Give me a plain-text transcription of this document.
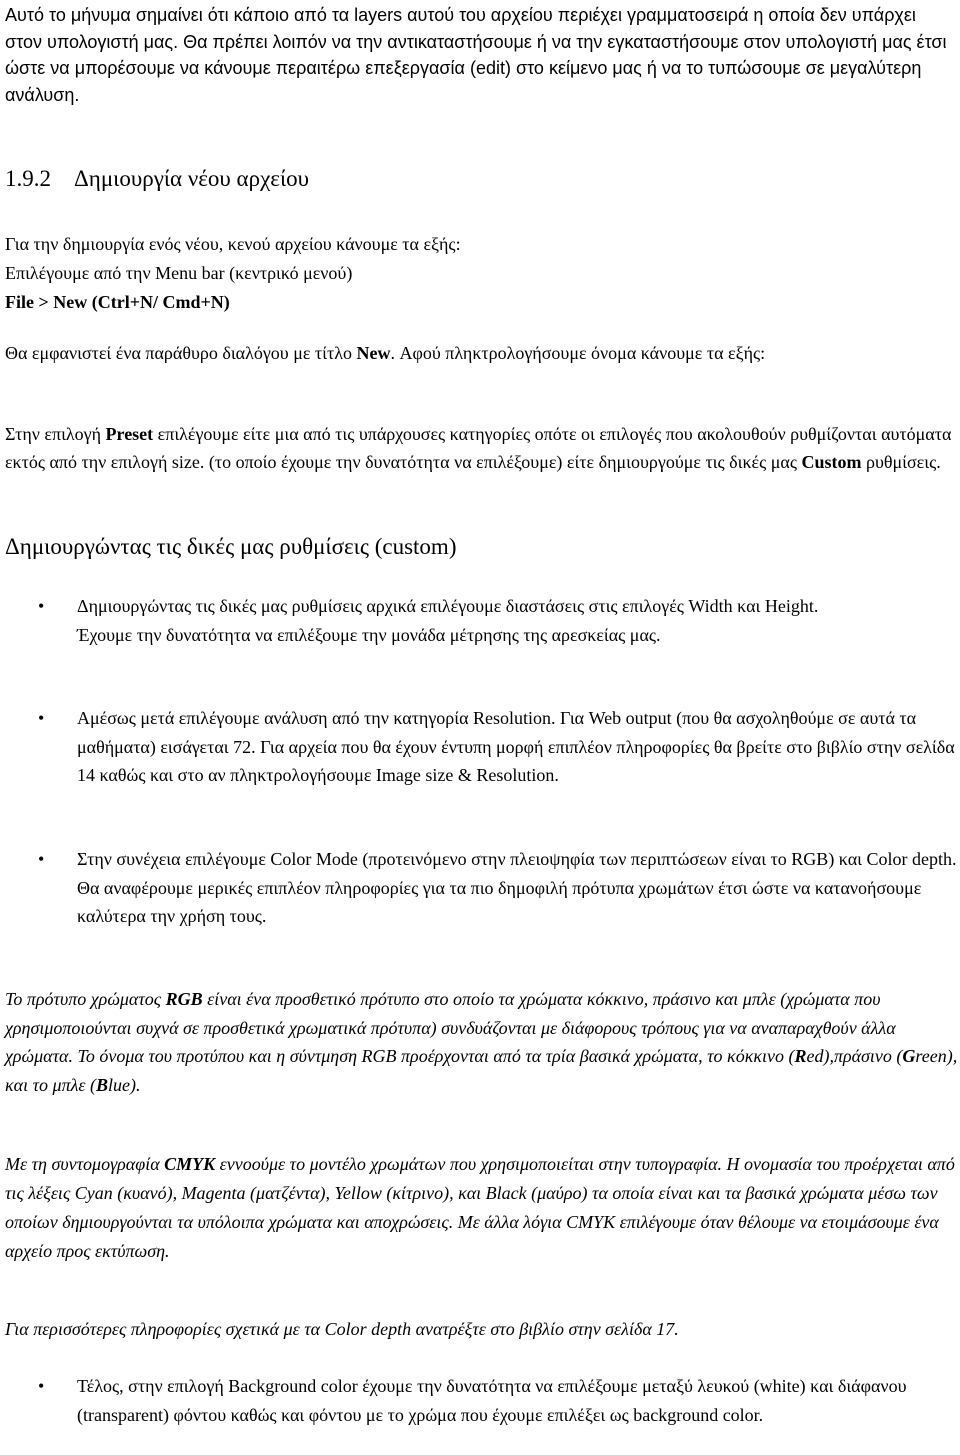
Αυτό το μήνυμα σημαίνει ότι κάποιο από τα layers αυτού του αρχείου περιέχει γραμματοσειρά η οποία δεν υπάρχει στον υπολογιστή μας. Θα πρέπει λοιπόν να την αντικαταστήσουμε ή να την εγκαταστήσουμε στον υπολογιστή μας έτσι ώστε να μπορέσουμε να κάνουμε περαιτέρω επεξεργασία (edit) στο κείμενο μας ή να το τυπώσουμε σε μεγαλύτερη ανάλυση.

1.9.2 Δημιουργία νέου αρχείου

Για την δημιουργία ενός νέου, κενού αρχείου κάνουμε τα εξής:

Επιλέγουμε από την Menu bar (κεντρικό μενού)

File > New (Ctrl+N/ Cmd+N)

Θα εμφανιστεί ένα παράθυρο διαλόγου με τίτλο New. Αφού πληκτρολογήσουμε όνομα κάνουμε τα εξής:

Στην επιλογή Preset επιλέγουμε είτε μια από τις υπάρχουσες κατηγορίες οπότε οι επιλογές που ακολουθούν ρυθμίζονται αυτόματα εκτός από την επιλογή size. (το οποίο έχουμε την δυνατότητα να επιλέξουμε) είτε δημιουργούμε τις δικές μας Custom ρυθμίσεις.

Δημιουργώντας τις δικές μας ρυθμίσεις (custom)
• Δημιουργώντας τις δικές μας ρυθμίσεις αρχικά επιλέγουμε διαστάσεις στις επιλογές Width και Height.

Έχουμε την δυνατότητα να επιλέξουμε την μονάδα μέτρησης της αρεσκείας μας.

• Αμέσως μετά επιλέγουμε ανάλυση από την κατηγορία Resolution. Για Web output (που θα ασχοληθούμε σε αυτά τα μαθήματα) εισάγεται 72. Για αρχεία που θα έχουν έντυπη μορφή επιπλέον πληροφορίες θα βρείτε στο βιβλίο στην σελίδα 14 καθώς και στο αν πληκτρολογήσουμε Image size & Resolution.

• Στην συνέχεια επιλέγουμε Color Mode (προτεινόμενο στην πλειοψηφία των περιπτώσεων είναι το RGB) και Color depth.

Θα αναφέρουμε μερικές επιπλέον πληροφορίες για τα πιο δημοφιλή πρότυπα χρωμάτων έτσι ώστε να κατανοήσουμε καλύτερα την χρήση τους.

Το πρότυπο χρώματος RGB είναι ένα προσθετικό πρότυπο στο οποίο τα χρώματα κόκκινο, πράσινο και μπλε (χρώματα που χρησιμοποιούνται συχνά σε προσθετικά χρωματικά πρότυπα) συνδυάζονται με διάφορους τρόπους για να αναπαραχθούν άλλα χρώματα. Το όνομα του προτύπου και η σύντμηση RGB προέρχονται από τα τρία βασικά χρώματα, το κόκκινο (Red),πράσινο (Green), και το μπλε (Blue).

Με τη συντομογραφία CMYK εννοούμε το μοντέλο χρωμάτων που χρησιμοποιείται στην τυπογραφία. Η ονομασία του προέρχεται από τις λέξεις Cyan (κυανό), Magenta (ματζέντα), Yellow (κίτρινο), και Black (μαύρο) τα οποία είναι και τα βασικά χρώματα μέσω των οποίων δημιουργούνται τα υπόλοιπα χρώματα και αποχρώσεις. Με άλλα λόγια CMYK επιλέγουμε όταν θέλουμε να ετοιμάσουμε ένα αρχείο προς εκτύπωση.

Για περισσότερες πληροφορίες σχετικά με τα Color depth ανατρέξτε στο βιβλίο στην σελίδα 17.

• Τέλος, στην επιλογή Background color έχουμε την δυνατότητα να επιλέξουμε μεταξύ λευκού (white) και διάφανου (transparent) φόντου καθώς και φόντου με το χρώμα που έχουμε επιλέξει ως background color.
